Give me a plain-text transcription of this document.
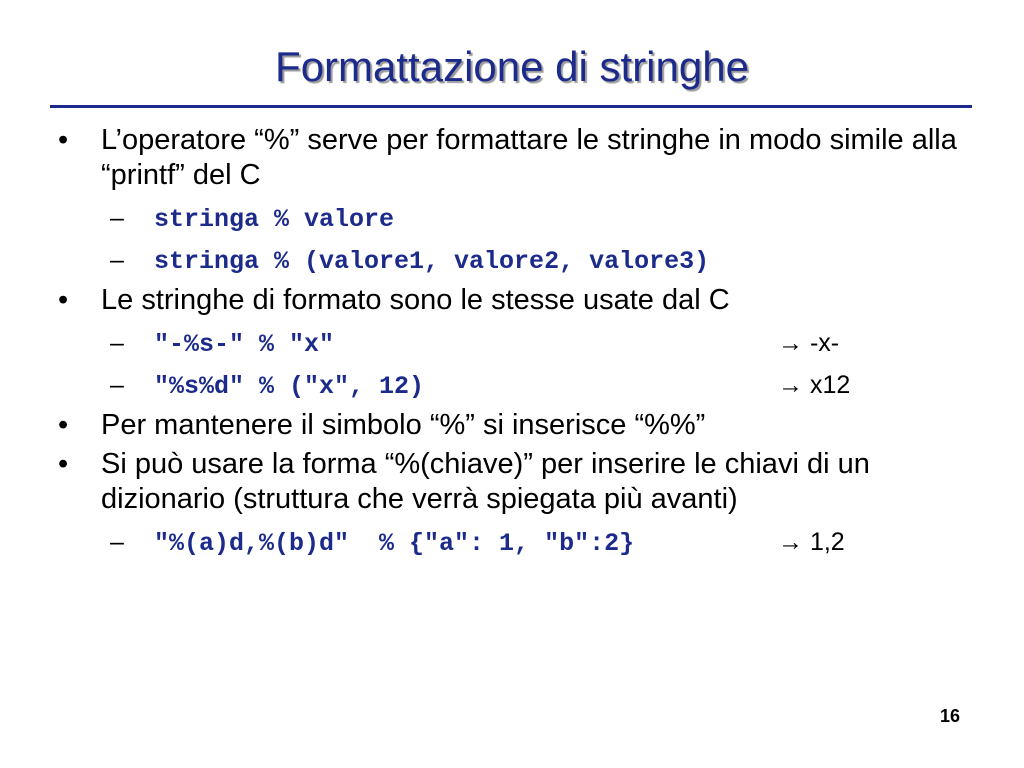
Formattazione di stringhe
• L’operatore “%” serve per formattare le stringhe in modo simile alla “printf” del C
– stringa % valore
– stringa % (valore1, valore2, valore3)
• Le stringhe di formato sono le stesse usate dal C
– "-%s-" % "x"	→ -x-
– "%s%d" % ("x", 12)	→ x12
• Per mantenere il simbolo “%” si inserisce “%%”
• Si può usare la forma “%(chiave)” per inserire le chiavi di un dizionario (struttura che verrà spiegata più avanti)
– "%(a)d,%(b)d"  % {"a": 1, "b":2}	→ 1,2
16
